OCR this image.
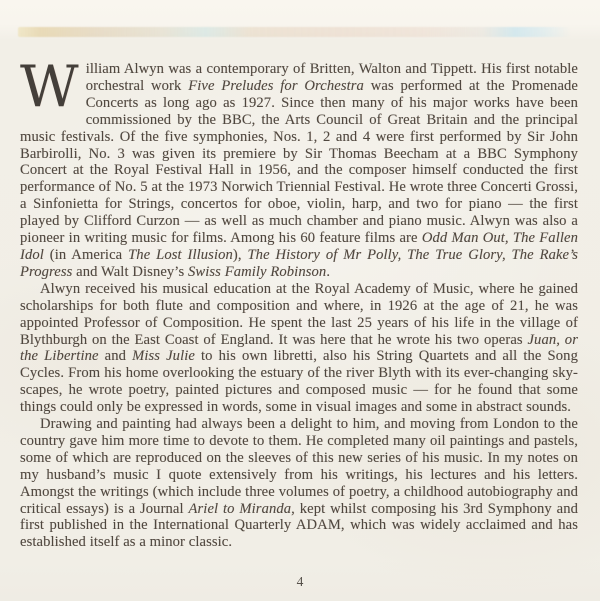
William Alwyn was a contemporary of Britten, Walton and Tippett. His first notable orchestral work Five Preludes for Orchestra was performed at the Promenade Concerts as long ago as 1927. Since then many of his major works have been commissioned by the BBC, the Arts Council of Great Britain and the principal music festivals. Of the five symphonies, Nos. 1, 2 and 4 were first performed by Sir John Barbirolli, No. 3 was given its premiere by Sir Thomas Beecham at a BBC Symphony Concert at the Royal Festival Hall in 1956, and the composer himself conducted the first performance of No. 5 at the 1973 Norwich Triennial Festival. He wrote three Concerti Grossi, a Sinfonietta for Strings, concertos for oboe, violin, harp, and two for piano — the first played by Clifford Curzon — as well as much chamber and piano music. Alwyn was also a pioneer in writing music for films. Among his 60 feature films are Odd Man Out, The Fallen Idol (in America The Lost Illusion), The History of Mr Polly, The True Glory, The Rake’s Progress and Walt Disney’s Swiss Family Robinson.

Alwyn received his musical education at the Royal Academy of Music, where he gained scholarships for both flute and composition and where, in 1926 at the age of 21, he was appointed Professor of Composition. He spent the last 25 years of his life in the village of Blythburgh on the East Coast of England. It was here that he wrote his two operas Juan, or the Libertine and Miss Julie to his own libretti, also his String Quartets and all the Song Cycles. From his home overlooking the estuary of the river Blyth with its ever-changing sky-scapes, he wrote poetry, painted pictures and composed music — for he found that some things could only be expressed in words, some in visual images and some in abstract sounds.

Drawing and painting had always been a delight to him, and moving from London to the country gave him more time to devote to them. He completed many oil paintings and pastels, some of which are reproduced on the sleeves of this new series of his music. In my notes on my husband’s music I quote extensively from his writings, his lectures and his letters. Amongst the writings (which include three volumes of poetry, a childhood autobiography and critical essays) is a Journal Ariel to Miranda, kept whilst composing his 3rd Symphony and first published in the International Quarterly ADAM, which was widely acclaimed and has established itself as a minor classic.

4
